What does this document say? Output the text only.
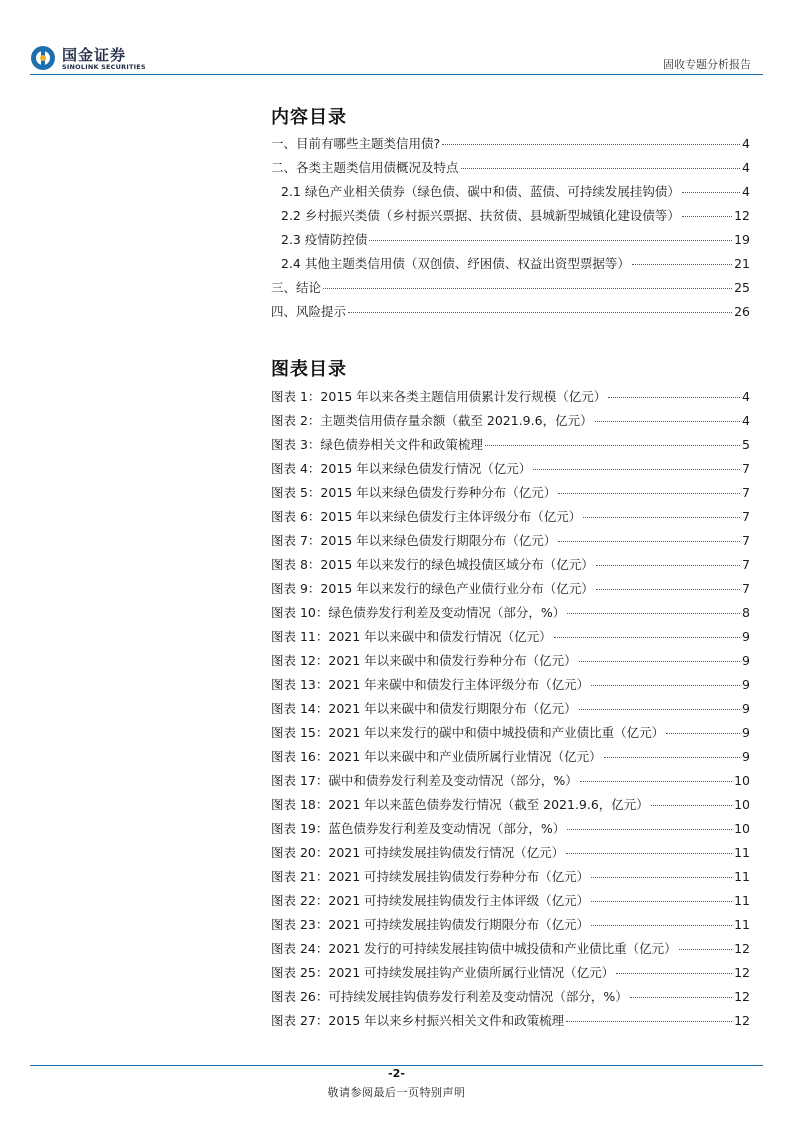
国金证券
SINOLINK SECURITIES	固收专题分析报告
内容目录
一、目前有哪些主题类信用债?	4
二、各类主题类信用债概况及特点	4
2.1 绿色产业相关债券（绿色债、碳中和债、蓝债、可持续发展挂钩债）	4
2.2 乡村振兴类债（乡村振兴票据、扶贫债、县城新型城镇化建设债等）	12
2.3 疫情防控债	19
2.4 其他主题类信用债（双创债、纾困债、权益出资型票据等）	21
三、结论	25
四、风险提示	26
图表目录
图表 1：2015 年以来各类主题信用债累计发行规模（亿元）	4
图表 2：主题类信用债存量余额（截至 2021.9.6，亿元）	4
图表 3：绿色债券相关文件和政策梳理	5
图表 4：2015 年以来绿色债发行情况（亿元）	7
图表 5：2015 年以来绿色债发行券种分布（亿元）	7
图表 6：2015 年以来绿色债发行主体评级分布（亿元）	7
图表 7：2015 年以来绿色债发行期限分布（亿元）	7
图表 8：2015 年以来发行的绿色城投债区域分布（亿元）	7
图表 9：2015 年以来发行的绿色产业债行业分布（亿元）	7
图表 10：绿色债券发行利差及变动情况（部分，%）	8
图表 11：2021 年以来碳中和债发行情况（亿元）	9
图表 12：2021 年以来碳中和债发行券种分布（亿元）	9
图表 13：2021 年来碳中和债发行主体评级分布（亿元）	9
图表 14：2021 年以来碳中和债发行期限分布（亿元）	9
图表 15：2021 年以来发行的碳中和债中城投债和产业债比重（亿元）	9
图表 16：2021 年以来碳中和产业债所属行业情况（亿元）	9
图表 17：碳中和债券发行利差及变动情况（部分，%）	10
图表 18：2021 年以来蓝色债券发行情况（截至 2021.9.6，亿元）	10
图表 19：蓝色债券发行利差及变动情况（部分，%）	10
图表 20：2021 可持续发展挂钩债发行情况（亿元）	11
图表 21：2021 可持续发展挂钩债发行券种分布（亿元）	11
图表 22：2021 可持续发展挂钩债发行主体评级（亿元）	11
图表 23：2021 可持续发展挂钩债发行期限分布（亿元）	11
图表 24：2021 发行的可持续发展挂钩债中城投债和产业债比重（亿元）	12
图表 25：2021 可持续发展挂钩产业债所属行业情况（亿元）	12
图表 26：可持续发展挂钩债券发行利差及变动情况（部分，%）	12
图表 27：2015 年以来乡村振兴相关文件和政策梳理	12
-2-
敬请参阅最后一页特别声明
